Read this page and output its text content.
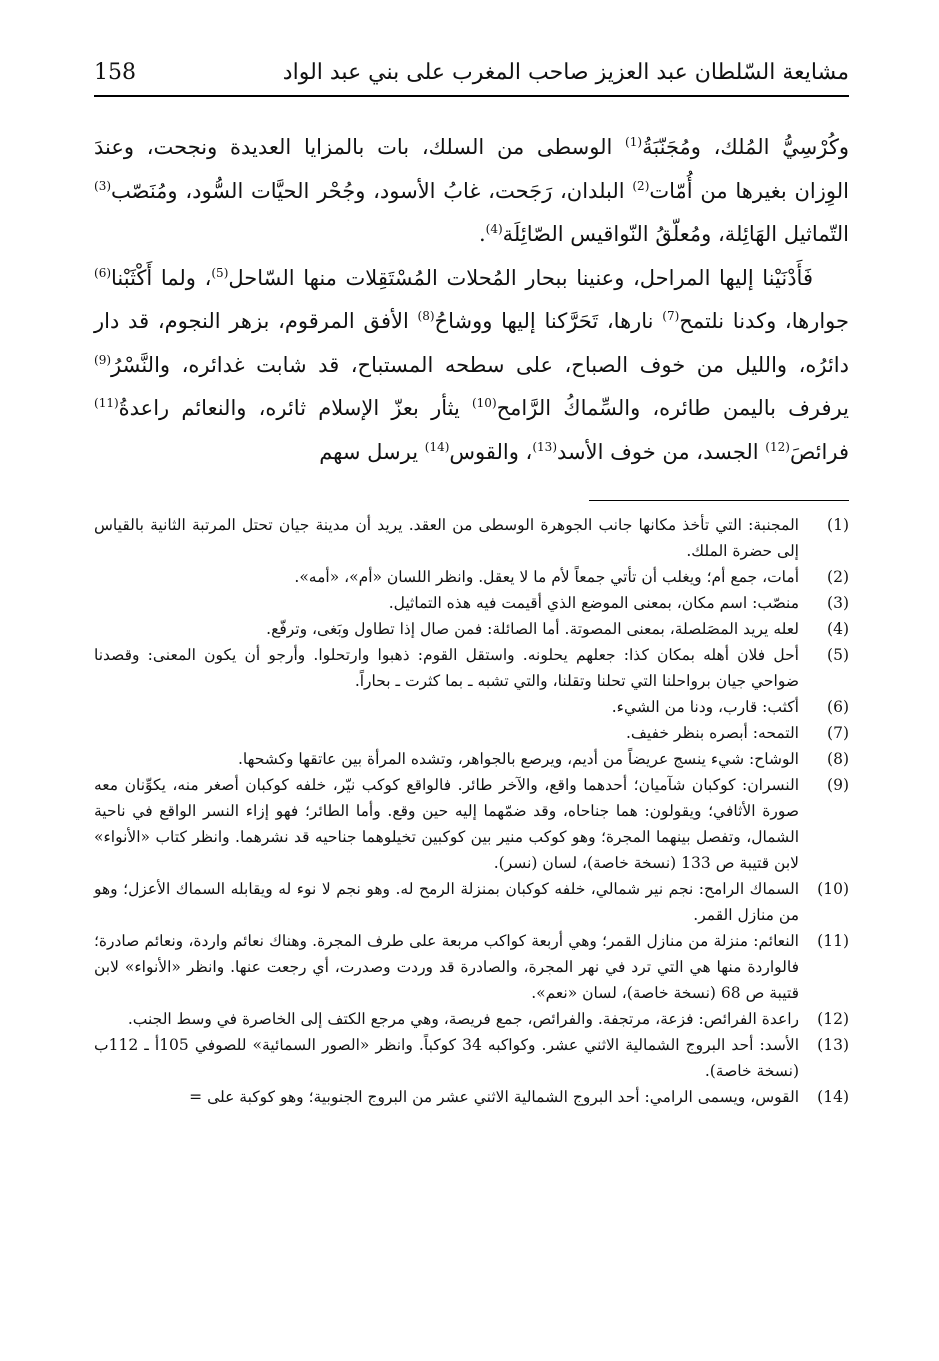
مشايعة السّلطان عبد العزيز صاحب المغرب على بني عبد الواد
158

وكُرْسِيُّ المُلك، ومُجَنّبَةُ$^{(1)}$ الوسطى من السلك، بات بالمزايا العديدة ونجحت، وعندَ الوِزان بغيرها من أُمّات$^{(2)}$ البلدان، رَجَحت، غابُ الأسود، وجُحْر الحيَّات السُّود، ومُنَصّب$^{(3)}$ التّماثيل الهَائِلة، ومُعلّقُ النّواقيس الصّائِلَة$^{(4)}$.

فَأَدْنَيْنا إليها المراحل، وعنينا ببحار المُحلات المُسْتَقِلات منها السّاحل$^{(5)}$، ولما أَكْثَبْنا$^{(6)}$ جوارها، وكدنا نلتمح$^{(7)}$ نارها، تَحَرَّكنا إليها ووشاحُ$^{(8)}$ الأفق المرقوم، بزهر النجوم، قد دار دائرُه، والليل من خوف الصباح، على سطحه المستباح، قد شابت غدائره، والنَّسْرُ$^{(9)}$ يرفرف باليمن طائره، والسِّماكُ الرَّامح$^{(10)}$ يثأر بعزّ الإسلام ثائره، والنعائم راعدةُ$^{(11)}$ فرائصَ$^{(12)}$ الجسد، من خوف الأسد$^{(13)}$، والقوس$^{(14)}$ يرسل سهم

(1)
المجنبة: التي تأخذ مكانها جانب الجوهرة الوسطى من العقد. يريد أن مدينة جيان تحتل المرتبة الثانية بالقياس إلى حضرة الملك.
(2)
أمات، جمع أم؛ ويغلب أن تأتي جمعاً لأم ما لا يعقل. وانظر اللسان «أم»، «أمه».
(3)
منصّب: اسم مكان، بمعنى الموضع الذي أقيمت فيه هذه التماثيل.
(4)
لعله يريد المصَلصلة، بمعنى المصوتة. أما الصائلة: فمن صال إذا تطاول وبَغى، وترفّع.
(5)
أحل فلان أهله بمكان كذا: جعلهم يحلونه. واستقل القوم: ذهبوا وارتحلوا. وأرجو أن يكون المعنى: وقصدنا ضواحي جيان برواحلنا التي تحلنا وتقلنا، والتي تشبه ـ بما كثرت ـ بحاراً.
(6)
أكثب: قارب، ودنا من الشيء.
(7)
التمحه: أبصره بنظر خفيف.
(8)
الوشاح: شيء ينسج عريضاً من أديم، ويرصع بالجواهر، وتشده المرأة بين عاتقها وكشحها.
(9)
النسران: كوكبان شآميان؛ أحدهما واقع، والآخر طائر. فالواقع كوكب نيّر، خلفه كوكبان أصغر منه، يكوِّنان معه صورة الأثافي؛ ويقولون: هما جناحاه، وقد ضمّهما إليه حين وقع. وأما الطائر؛ فهو إزاء النسر الواقع في ناحية الشمال، وتفصل بينهما المجرة؛ وهو كوكب منير بين كوكبين تخيلوهما جناحيه قد نشرهما. وانظر كتاب «الأنواء» لابن قتيبة ص 133 (نسخة خاصة)، لسان (نسر).
(10)
السماك الرامح: نجم نير شمالي، خلفه كوكبان بمنزلة الرمح له. وهو نجم لا نوء له ويقابله السماك الأعزل؛ وهو من منازل القمر.
(11)
النعائم: منزلة من منازل القمر؛ وهي أربعة كواكب مربعة على طرف المجرة. وهناك نعائم واردة، ونعائم صادرة؛ فالواردة منها هي التي ترد في نهر المجرة، والصادرة قد وردت وصدرت، أي رجعت عنها. وانظر «الأنواء» لابن قتيبة ص 68 (نسخة خاصة)، لسان «نعم».
(12)
راعدة الفرائص: فزعة، مرتجفة. والفرائص، جمع فريصة، وهي مرجع الكتف إلى الخاصرة في وسط الجنب.
(13)
الأسد: أحد البروج الشمالية الاثني عشر. وكواكبه 34 كوكباً. وانظر «الصور السمائية» للصوفي 105أ ـ 112ب (نسخة خاصة).
(14)
القوس، ويسمى الرامي: أحد البروج الشمالية الاثني عشر من البروج الجنوبية؛ وهو كوكبة على =
